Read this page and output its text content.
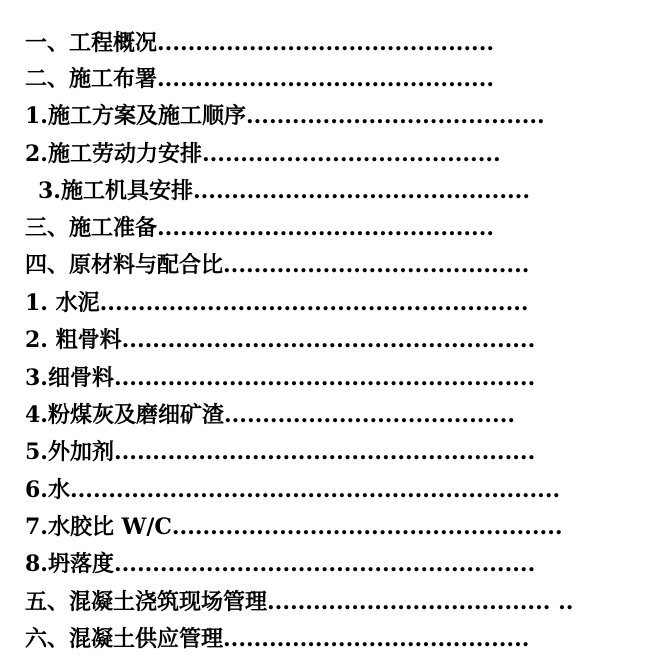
一、工程概况............................................
二、施工布署............................................
1.施工方案及施工顺序.......................................
2.施工劳动力安排.......................................
3.施工机具安排............................................
三、施工准备............................................
四、原材料与配合比........................................
1. 水泥........................................................
2. 粗骨料......................................................
3.细骨料.......................................................
4.粉煤灰及磨细矿渣......................................
5.外加剂.......................................................
6.水................................................................
7.水胶比 W/C...................................................
8.坍落度.......................................................
五、混凝土浇筑现场管理..................................... ..
六、混凝土供应管理........................................
